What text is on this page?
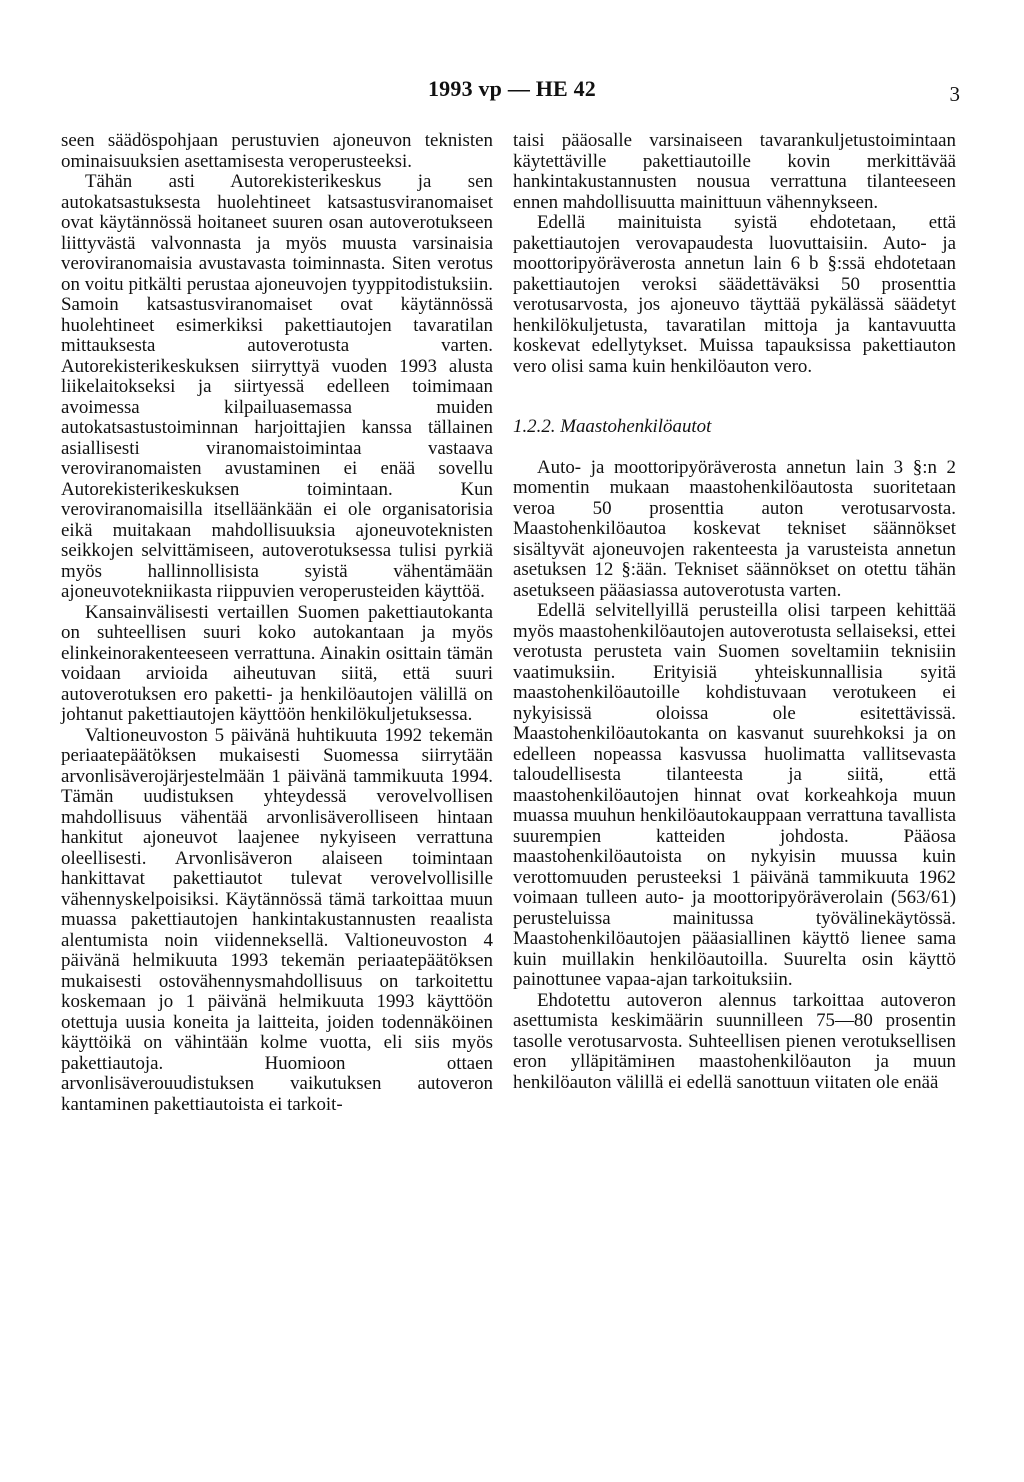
1993 vp — HE 42	3

seen säädöspohjaan perustuvien ajoneuvon teknisten ominaisuuksien asettamisesta veroperusteeksi.

Tähän asti Autorekisterikeskus ja sen autokatsastuksesta huolehtineet katsastusviranomaiset ovat käytännössä hoitaneet suuren osan autoverotukseen liittyvästä valvonnasta ja myös muusta varsinaisia veroviranomaisia avustavasta toiminnasta. Siten verotus on voitu pitkälti perustaa ajoneuvojen tyyppitodistuksiin. Samoin katsastusviranomaiset ovat käytännössä huolehtineet esimerkiksi pakettiautojen tavaratilan mittauksesta autoverotusta varten. Autorekisterikeskuksen siirryttyä vuoden 1993 alusta liikelaitokseksi ja siirtyessä edelleen toimimaan avoimessa kilpailuasemassa muiden autokatsastustoiminnan harjoittajien kanssa tällainen asiallisesti viranomaistoimintaa vastaava veroviranomaisten avustaminen ei enää sovellu Autorekisterikeskuksen toimintaan. Kun veroviranomaisilla itselläänkään ei ole organisatorisia eikä muitakaan mahdollisuuksia ajoneuvoteknisten seikkojen selvittämiseen, autoverotuksessa tulisi pyrkiä myös hallinnollisista syistä vähentämään ajoneuvotekniikasta riippuvien veroperusteiden käyttöä.

Kansainvälisesti vertaillen Suomen pakettiautokanta on suhteellisen suuri koko autokantaan ja myös elinkeinorakenteeseen verrattuna. Ainakin osittain tämän voidaan arvioida aiheutuvan siitä, että suuri autoverotuksen ero paketti- ja henkilöautojen välillä on johtanut pakettiautojen käyttöön henkilökuljetuksessa.

Valtioneuvoston 5 päivänä huhtikuuta 1992 tekemän periaatepäätöksen mukaisesti Suomessa siirrytään arvonlisäverojärjestelmään 1 päivänä tammikuuta 1994. Tämän uudistuksen yhteydessä verovelvollisen mahdollisuus vähentää arvonlisäverolliseen hintaan hankitut ajoneuvot laajenee nykyiseen verrattuna oleellisesti. Arvonlisäveron alaiseen toimintaan hankittavat pakettiautot tulevat verovelvollisille vähennyskelpoisiksi. Käytännössä tämä tarkoittaa muun muassa pakettiautojen hankintakustannusten reaalista alentumista noin viidenneksellä. Valtioneuvoston 4 päivänä helmikuuta 1993 tekemän periaatepäätöksen mukaisesti ostovähennysmahdollisuus on tarkoitettu koskemaan jo 1 päivänä helmikuuta 1993 käyttöön otettuja uusia koneita ja laitteita, joiden todennäköinen käyttöikä on vähintään kolme vuotta, eli siis myös pakettiautoja. Huomioon ottaen arvonlisäverouudistuksen vaikutuksen autoveron kantaminen pakettiautoista ei tarkoit-

taisi pääosalle varsinaiseen tavarankuljetustoimintaan käytettäville pakettiautoille kovin merkittävää hankintakustannusten nousua verrattuna tilanteeseen ennen mahdollisuutta mainittuun vähennykseen.

Edellä mainituista syistä ehdotetaan, että pakettiautojen verovapaudesta luovuttaisiin. Auto- ja moottoripyöräverosta annetun lain 6 b §:ssä ehdotetaan pakettiautojen veroksi säädettäväksi 50 prosenttia verotusarvosta, jos ajoneuvo täyttää pykälässä säädetyt henkilökuljetusta, tavaratilan mittoja ja kantavuutta koskevat edellytykset. Muissa tapauksissa pakettiauton vero olisi sama kuin henkilöauton vero.

1.2.2. Maastohenkilöautot

Auto- ja moottoripyöräverosta annetun lain 3 §:n 2 momentin mukaan maastohenkilöautosta suoritetaan veroa 50 prosenttia auton verotusarvosta. Maastohenkilöautoa koskevat tekniset säännökset sisältyvät ajoneuvojen rakenteesta ja varusteista annetun asetuksen 12 §:ään. Tekniset säännökset on otettu tähän asetukseen pääasiassa autoverotusta varten.

Edellä selvitellyillä perusteilla olisi tarpeen kehittää myös maastohenkilöautojen autoverotusta sellaiseksi, ettei verotusta perusteta vain Suomen soveltamiin teknisiin vaatimuksiin. Erityisiä yhteiskunnallisia syitä maastohenkilöautoille kohdistuvaan verotukeen ei nykyisissä oloissa ole esitettävissä. Maastohenkilöautokanta on kasvanut suurehkoksi ja on edelleen nopeassa kasvussa huolimatta vallitsevasta taloudellisesta tilanteesta ja siitä, että maastohenkilöautojen hinnat ovat korkeahkoja muun muassa muuhun henkilöautokauppaan verrattuna tavallista suurempien katteiden johdosta. Pääosa maastohenkilöautoista on nykyisin muussa kuin verottomuuden perusteeksi 1 päivänä tammikuuta 1962 voimaan tulleen auto- ja moottoripyöräverolain (563/61) perusteluissa mainitussa työvälinekäytössä. Maastohenkilöautojen pääasiallinen käyttö lienee sama kuin muillakin henkilöautoilla. Suurelta osin käyttö painottunee vapaa-ajan tarkoituksiin.

Ehdotettu autoveron alennus tarkoittaa autoveron asettumista keskimäärin suunnilleen 75—80 prosentin tasolle verotusarvosta. Suhteellisen pienen verotuksellisen eron ylläpitämінen maastohenkilöauton ja muun henkilöauton välillä ei edellä sanottuun viitaten ole enää
